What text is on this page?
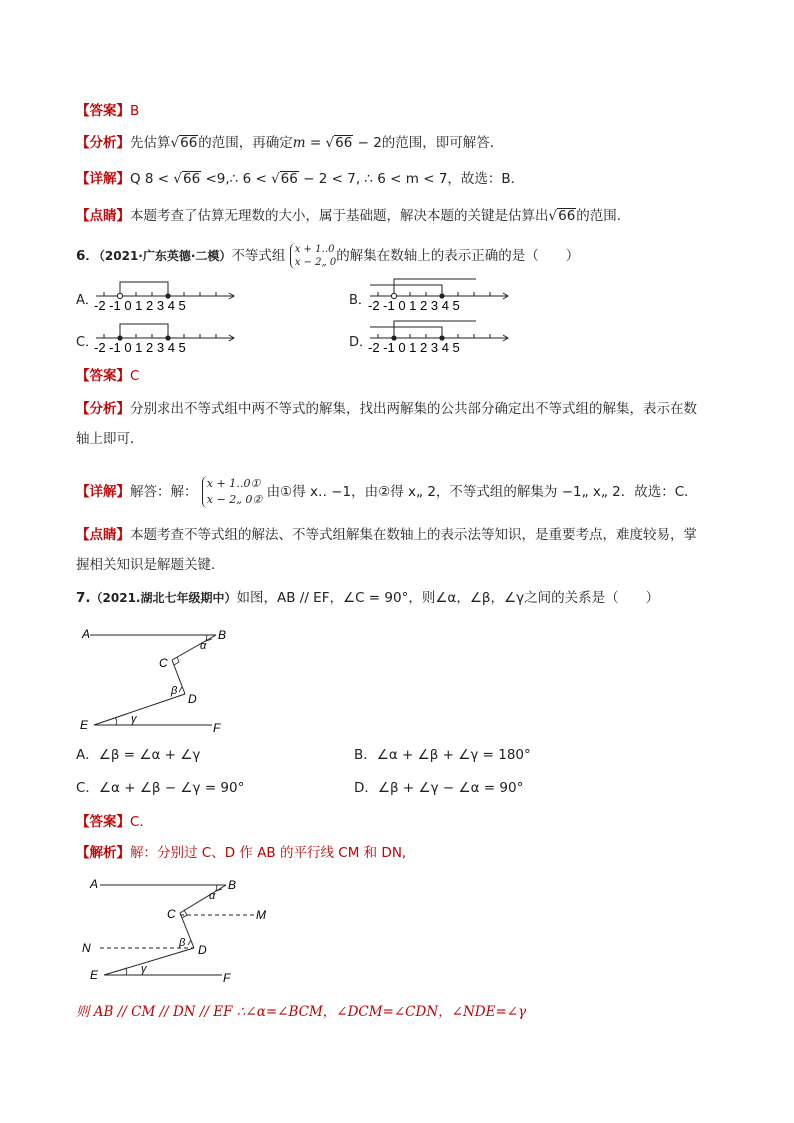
【答案】B
【分析】先估算√66的范围，再确定m = √66 − 2的范围，即可解答．
【详解】Q 8 < √66 <9,∴ 6 < √66 − 2 < 7, ∴ 6 < m < 7，故选：B．
【点睛】本题考查了估算无理数的大小，属于基础题，解决本题的关键是估算出√66的范围．
6．（2021·广东英德·二模）不等式组 x + 1‥0
x − 2„ 0的解集在数轴上的表示正确的是（　　）
A．	B．
C．	D．
-2 -1 0 1 2 3 4 5	-2 -1 0 1 2 3 4 5
-2 -1 0 1 2 3 4 5	-2 -1 0 1 2 3 4 5
【答案】C
【分析】分别求出不等式组中两不等式的解集，找出两解集的公共部分确定出不等式组的解集，表示在数
轴上即可．
【详解】解答：解： x + 1‥0①
x − 2„ 0② 由①得 x‥ −1，由②得 x„ 2，不等式组的解集为 −1„ x„ 2．故选：C．
【点睛】本题考查不等式组的解法、不等式组解集在数轴上的表示法等知识，是重要考点，难度较易，掌
握相关知识是解题关键．
7.（2021.湖北七年级期中）如图，AB // EF，∠C = 90°，则∠α，∠β，∠γ之间的关系是（　　）
A	B
C
D
E	F
α
β
γ
A．∠β = ∠α + ∠γ	B．∠α + ∠β + ∠γ = 180°
C．∠α + ∠β − ∠γ = 90°	D．∠β + ∠γ − ∠α = 90°
【答案】C.
【解析】解：分别过 C、D 作 AB 的平行线 CM 和 DN,
A	B
C
D
E	F
M
N
α
β
γ
则 AB // CM // DN // EF ∴∠α=∠BCM，∠DCM=∠CDN，∠NDE=∠γ
